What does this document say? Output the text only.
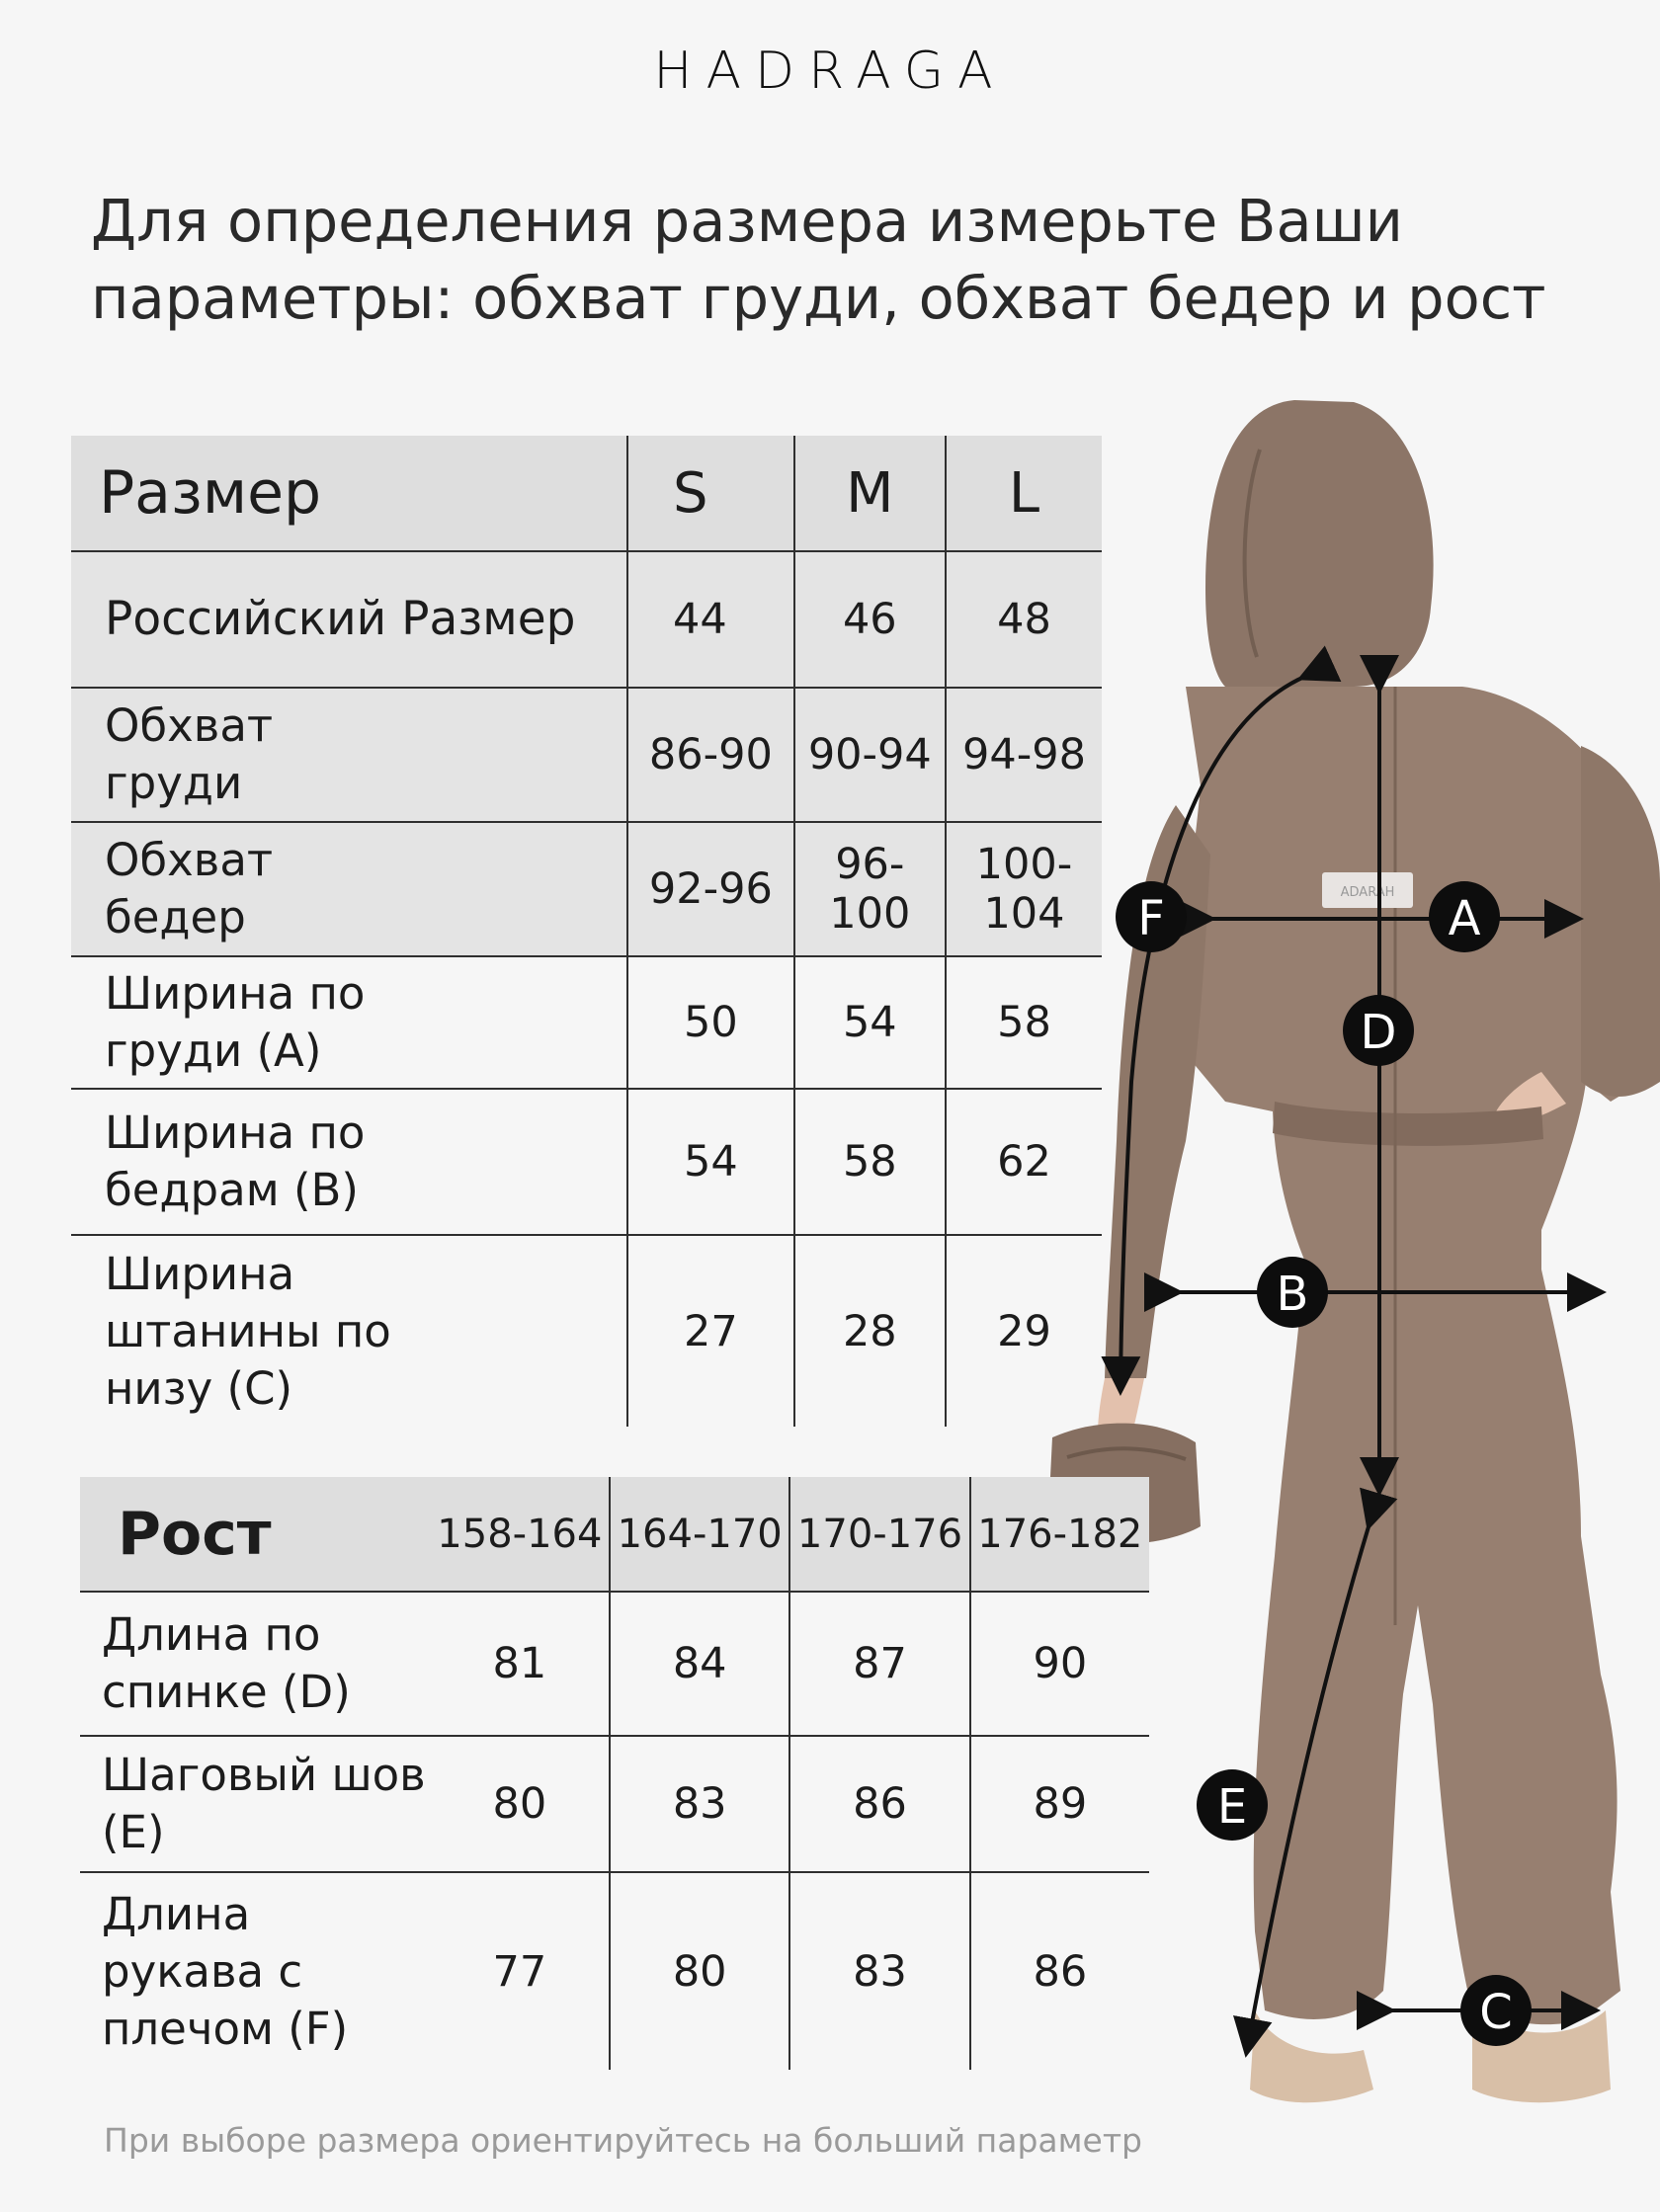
HADRAGA
Для определения размера измерьте Ваши параметры: обхват груди, обхват бедер и рост
ADARAH
F	A
D
B
E
C
Размер	S	M	L
Российский Размер	44	46	48
Обхват груди	86-90	90-94	94-98
Обхват бедер	92-96	96-100	100-104
Ширина по груди (А)	50	54	58
Ширина по бедрам (В)	54	58	62
Ширина штанины по низу (С)	27	28	29
Рост	158-164	164-170	170-176	176-182
Длина по спинке (D)	81	84	87	90
Шаговый шов (E)	80	83	86	89
Длина рукава с плечом (F)	77	80	83	86
При выборе размера ориентируйтесь на больший параметр
